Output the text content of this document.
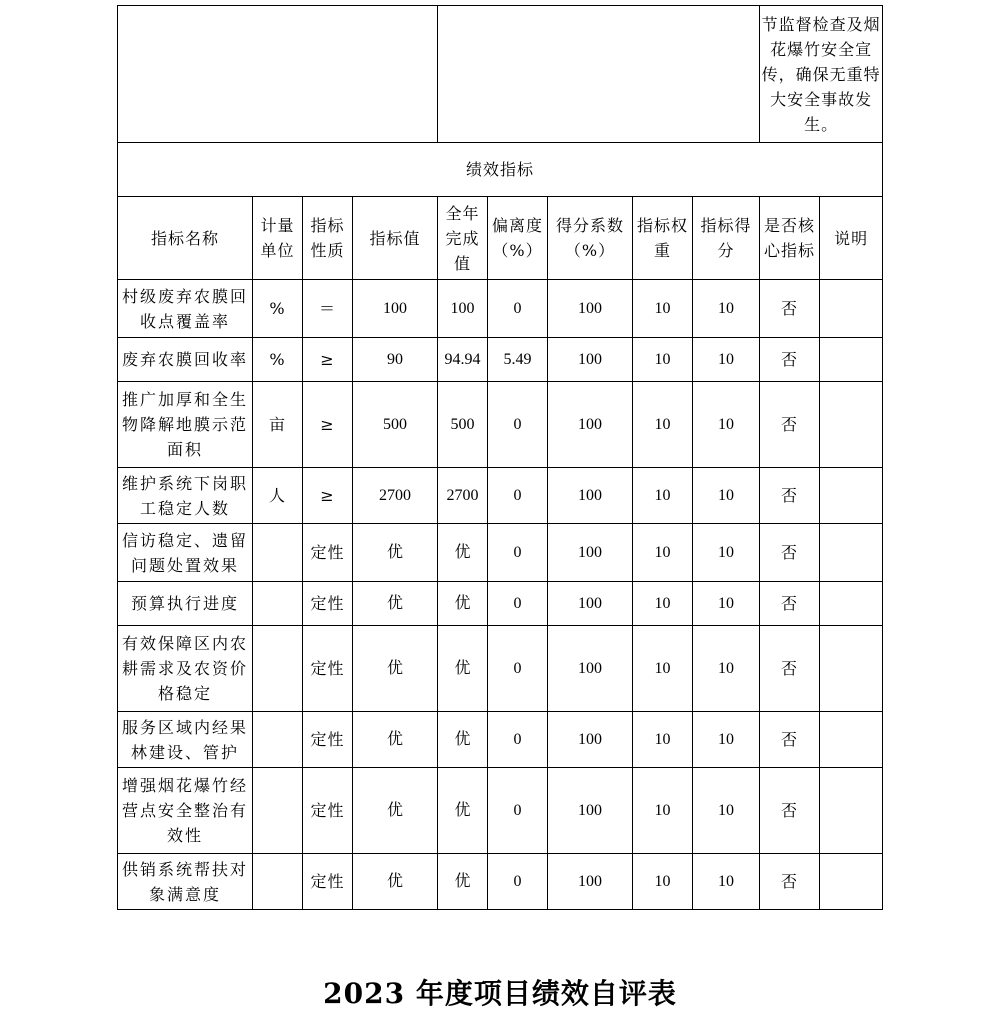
									节监督检查及烟花爆竹安全宣传，确保无重特大安全事故发生。	
绩效指标										
指标名称	计量单位	指标性质	指标值	全年完成值	偏离度（%）	得分系数（%）	指标权重	指标得分	是否核心指标	说明
村级废弃农膜回收点覆盖率	%	＝	100	100	0	100	10	10	否	
废弃农膜回收率	%	≥	90	94.94	5.49	100	10	10	否	
推广加厚和全生物降解地膜示范面积	亩	≥	500	500	0	100	10	10	否	
维护系统下岗职工稳定人数	人	≥	2700	2700	0	100	10	10	否	
信访稳定、遗留问题处置效果		定性	优	优	0	100	10	10	否	
预算执行进度		定性	优	优	0	100	10	10	否	
有效保障区内农耕需求及农资价格稳定		定性	优	优	0	100	10	10	否	
服务区域内经果林建设、管护		定性	优	优	0	100	10	10	否	
增强烟花爆竹经营点安全整治有效性		定性	优	优	0	100	10	10	否	
供销系统帮扶对象满意度		定性	优	优	0	100	10	10	否	
2023 年度项目绩效自评表
